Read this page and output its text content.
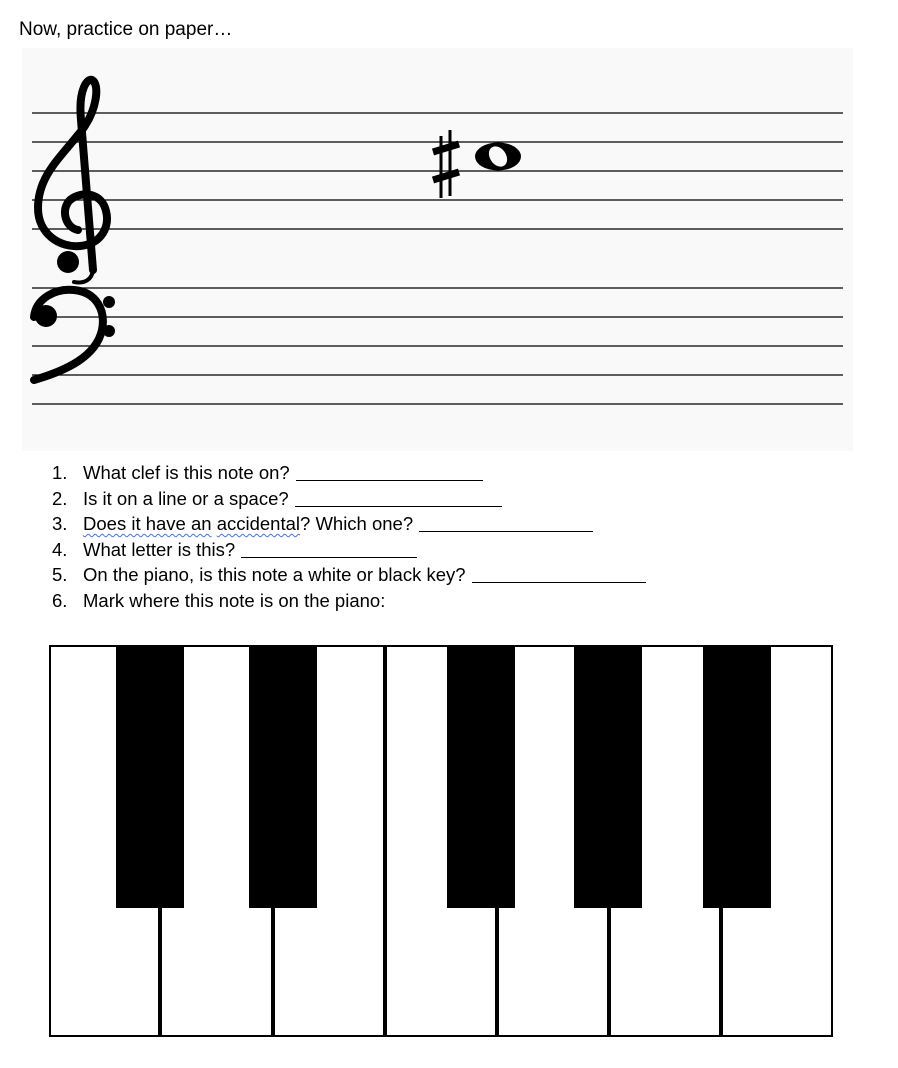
Now, practice on paper…
1. What clef is this note on?
2. Is it on a line or a space?
3. Does it have an accidental? Which one?
4. What letter is this?
5. On the piano, is this note a white or black key?
6. Mark where this note is on the piano:
